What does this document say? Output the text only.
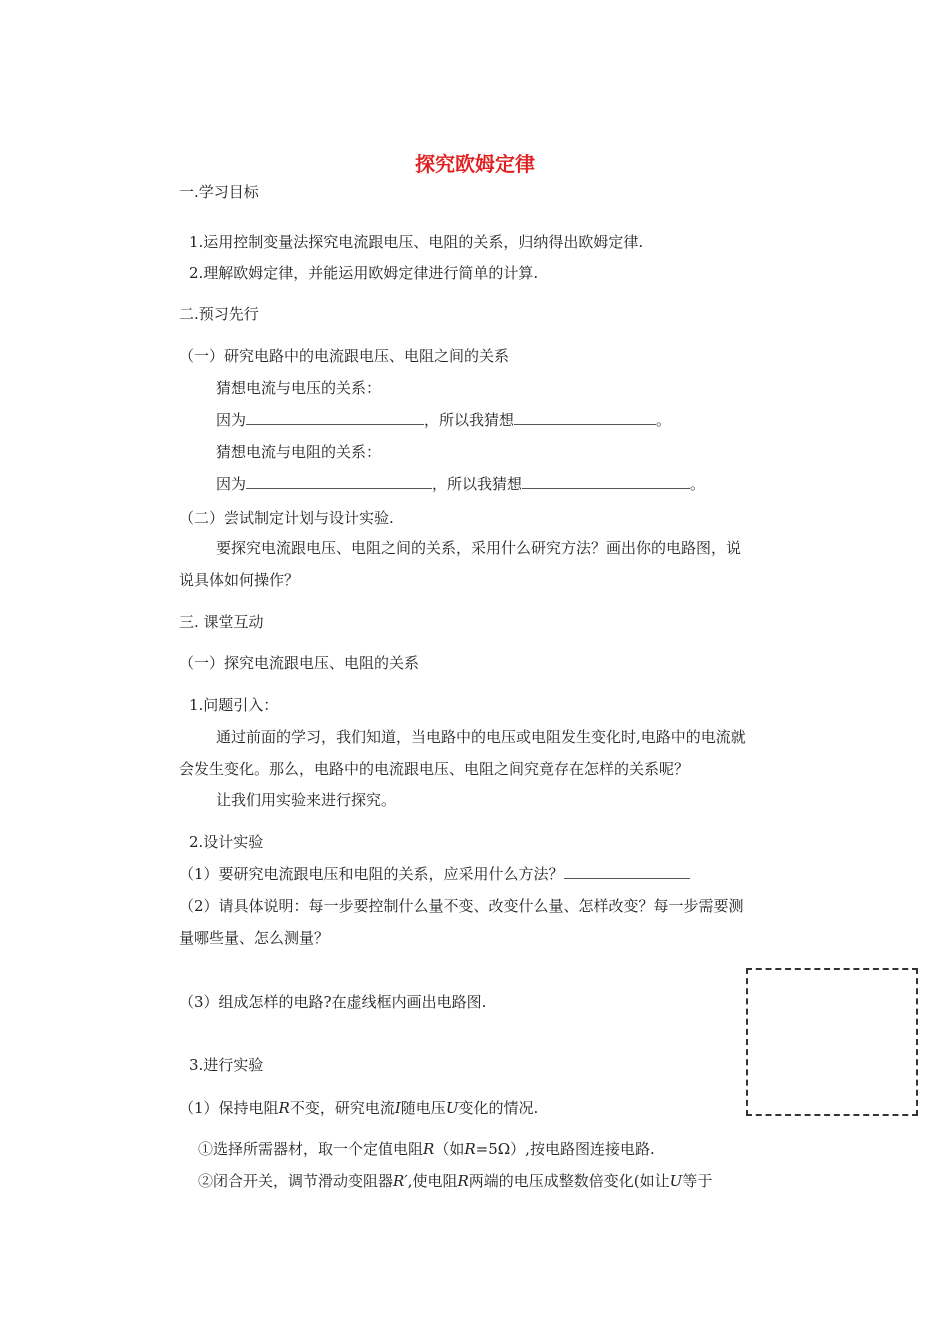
探究欧姆定律
一.学习目标
1.运用控制变量法探究电流跟电压、电阻的关系，归纳得出欧姆定律.
2.理解欧姆定律，并能运用欧姆定律进行简单的计算.
二.预习先行
（一）研究电路中的电流跟电压、电阻之间的关系
猜想电流与电压的关系：
因为	，所以我猜想	。
猜想电流与电阻的关系：
因为	，所以我猜想	。
（二）尝试制定计划与设计实验.
要探究电流跟电压、电阻之间的关系，采用什么研究方法？画出你的电路图，说
说具体如何操作？
三. 课堂互动
（一）探究电流跟电压、电阻的关系
1.问题引入：
通过前面的学习，我们知道，当电路中的电压或电阻发生变化时,电路中的电流就
会发生变化。那么，电路中的电流跟电压、电阻之间究竟存在怎样的关系呢？
让我们用实验来进行探究。
2.设计实验
（1）要研究电流跟电压和电阻的关系，应采用什么方法？
（2）请具体说明：每一步要控制什么量不变、改变什么量、怎样改变？每一步需要测
量哪些量、怎么测量？
（3）组成怎样的电路?在虚线框内画出电路图.
3.进行实验
（1）保持电阻R不变，研究电流I随电压U变化的情况.
①选择所需器材，取一个定值电阻R（如R=5Ω）,按电路图连接电路.
②闭合开关，调节滑动变阻器R′,使电阻R两端的电压成整数倍变化(如让U等于
